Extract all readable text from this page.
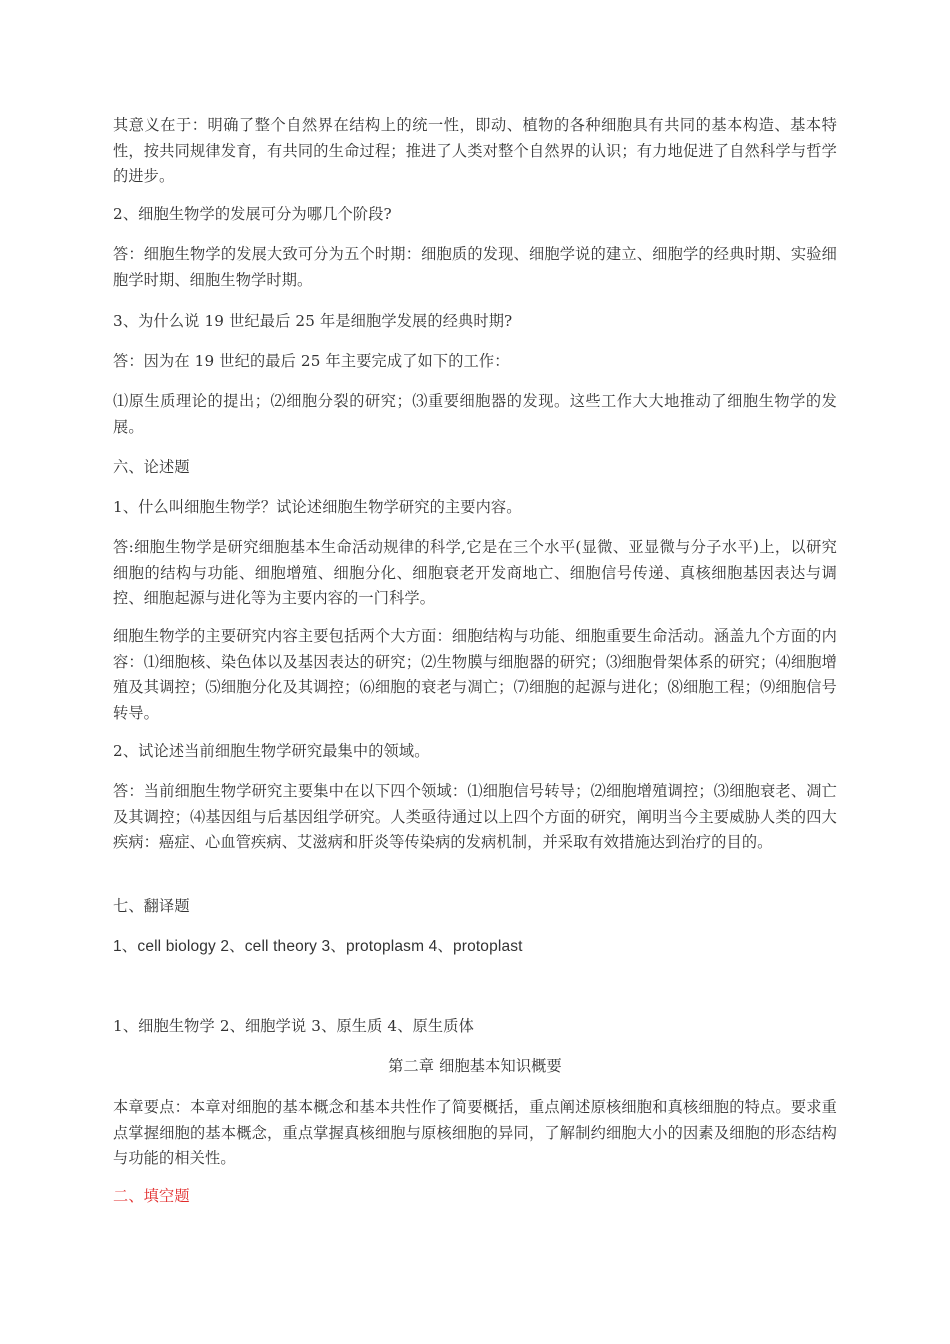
其意义在于：明确了整个自然界在结构上的统一性，即动、植物的各种细胞具有共同的基本构造、基本特性，按共同规律发育，有共同的生命过程；推进了人类对整个自然界的认识；有力地促进了自然科学与哲学的进步。

2、细胞生物学的发展可分为哪几个阶段?

答：细胞生物学的发展大致可分为五个时期：细胞质的发现、细胞学说的建立、细胞学的经典时期、实验细胞学时期、细胞生物学时期。

3、为什么说 19 世纪最后 25 年是细胞学发展的经典时期?

答：因为在 19 世纪的最后 25 年主要完成了如下的工作：

⑴原生质理论的提出；⑵细胞分裂的研究；⑶重要细胞器的发现。这些工作大大地推动了细胞生物学的发展。

六、论述题

1、什么叫细胞生物学？试论述细胞生物学研究的主要内容。

答:细胞生物学是研究细胞基本生命活动规律的科学,它是在三个水平(显微、亚显微与分子水平)上，以研究细胞的结构与功能、细胞增殖、细胞分化、细胞衰老开发商地亡、细胞信号传递、真核细胞基因表达与调控、细胞起源与进化等为主要内容的一门科学。

细胞生物学的主要研究内容主要包括两个大方面：细胞结构与功能、细胞重要生命活动。涵盖九个方面的内容：⑴细胞核、染色体以及基因表达的研究；⑵生物膜与细胞器的研究；⑶细胞骨架体系的研究；⑷细胞增殖及其调控；⑸细胞分化及其调控；⑹细胞的衰老与凋亡；⑺细胞的起源与进化；⑻细胞工程；⑼细胞信号转导。

2、试论述当前细胞生物学研究最集中的领域。

答：当前细胞生物学研究主要集中在以下四个领域：⑴细胞信号转导；⑵细胞增殖调控；⑶细胞衰老、凋亡及其调控；⑷基因组与后基因组学研究。人类亟待通过以上四个方面的研究，阐明当今主要威胁人类的四大疾病：癌症、心血管疾病、艾滋病和肝炎等传染病的发病机制，并采取有效措施达到治疗的目的。

七、翻译题

1、cell biology 2、cell theory 3、protoplasm 4、protoplast

1、细胞生物学 2、细胞学说 3、原生质 4、原生质体

第二章 细胞基本知识概要

本章要点：本章对细胞的基本概念和基本共性作了简要概括，重点阐述原核细胞和真核细胞的特点。要求重点掌握细胞的基本概念，重点掌握真核细胞与原核细胞的异同，了解制约细胞大小的因素及细胞的形态结构与功能的相关性。

二、填空题
